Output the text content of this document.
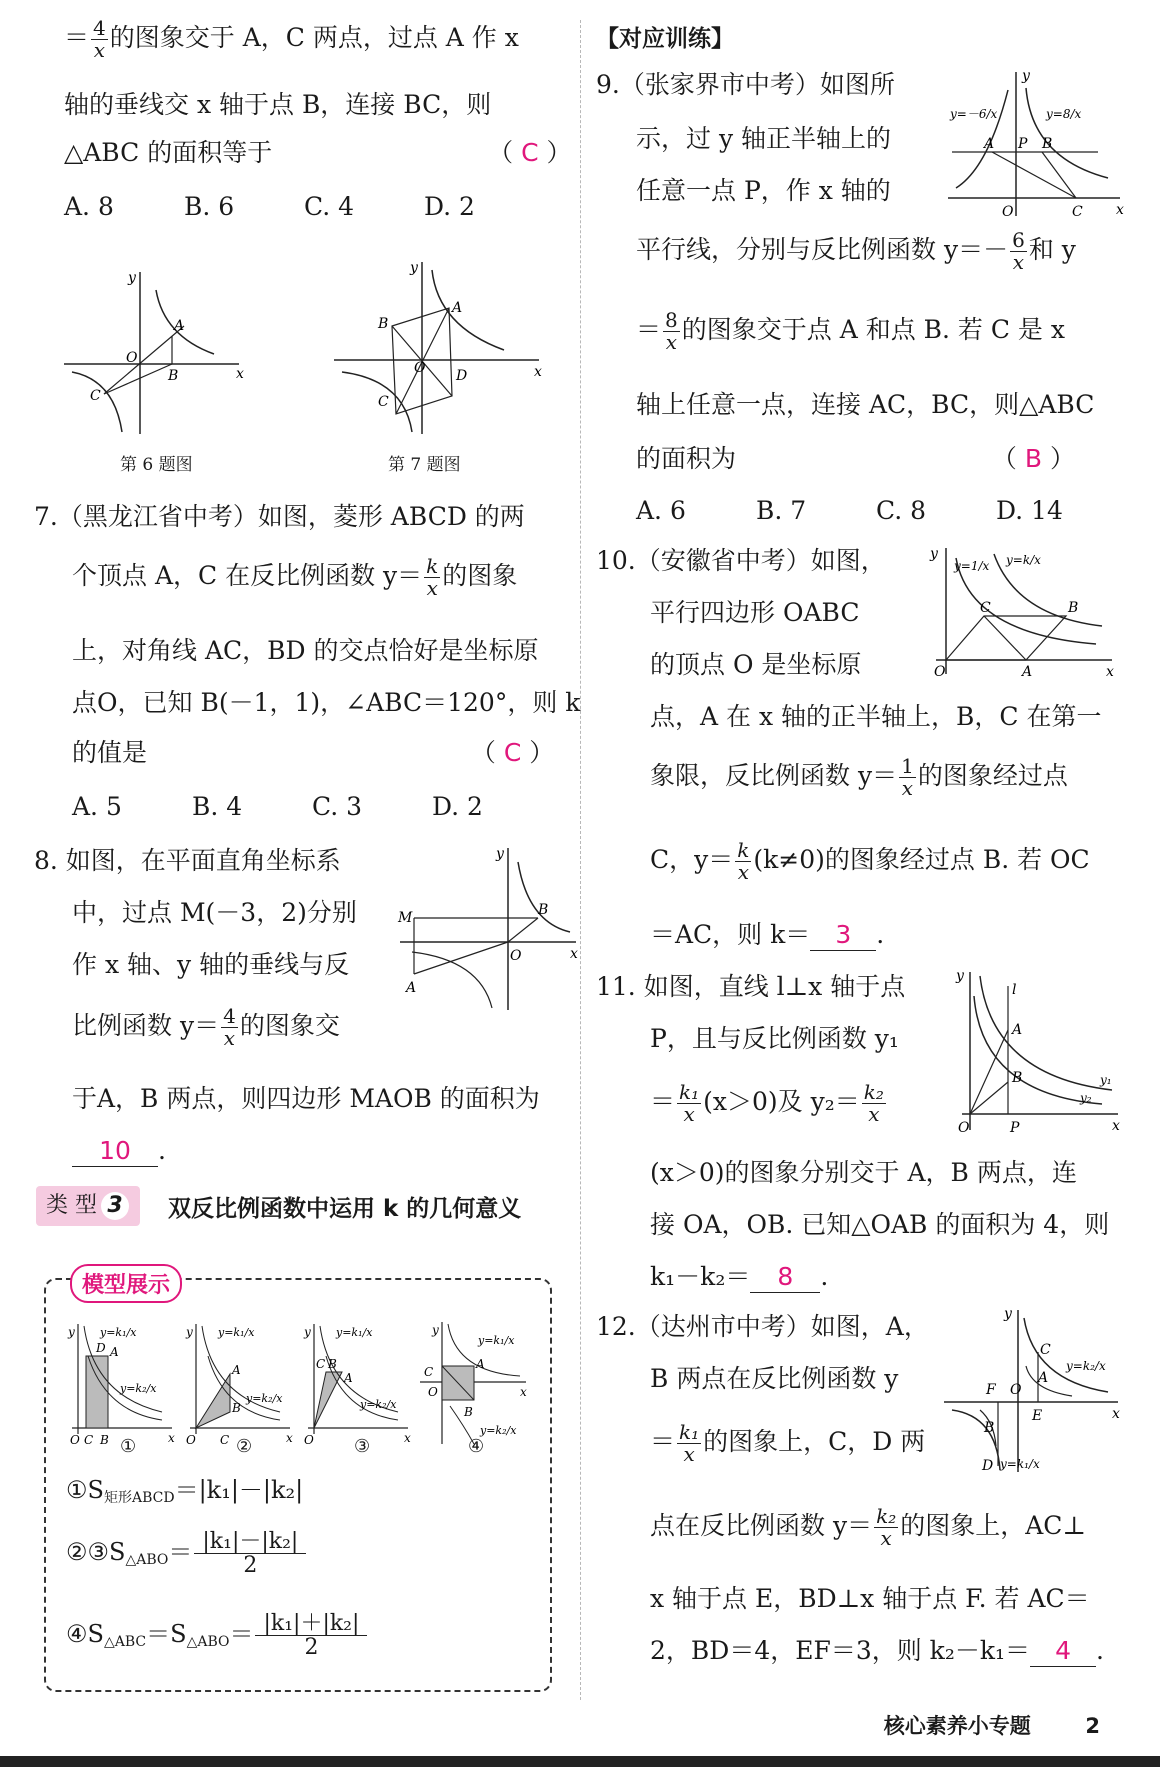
＝ $\frac{4}{x}$ 的图象交于 A，C 两点，过点 A 作 x
轴的垂线交 x 轴于点 B，连接 BC，则
△ABC 的面积等于	（ C ）
A. 8	B. 6	C. 4	D. 2
x
y
O
A
B
C
第 6 题图
x
y
O
A
B
C
D
第 7 题图
7.（黑龙江省中考）如图，菱形 ABCD 的两
个顶点 A，C 在反比例函数 $y= \frac{k}{x}$ 的图象
上，对角线 AC，BD 的交点恰好是坐标原
点O，已知 B(－1，1)，∠ABC＝120°，则 k
的值是	（ C ）
A. 5	B. 4	C. 3	D. 2
8. 如图，在平面直角坐标系
中，过点 M(－3，2)分别
作 x 轴、y 轴的垂线与反
比例函数 $y= \frac{4}{x}$ 的图象交
于A，B 两点，则四边形 MAOB 的面积为
10 .
x
y
O
M	B
A
类 型 3	双反比例函数中运用 k 的几何意义
模型展示
y y=k₁/x
y=k₂/x
O C B	x
A
D
y y=k₁/x
y=k₂/x
O C	x
A
B
y y=k₁/x
y=k₂/x
O	x
C B
A
y
y=k₁/x
y=k₂/x
C
O
A
B
x
①	②	③	④
$①S_{矩形ABCD}=|k_1|-|k_2|$
$②③S_{\triangle ABO}= \frac{\text{|k₁|－|k₂|}}{2}$
$④S_{\triangle ABC}=S_{\triangle ABO}= \frac{\text{|k₁|＋|k₂|}}{2}$
【对应训练】
9.（张家界市中考）如图所
示，过 y 轴正半轴上的
任意一点 P，作 x 轴的
平行线，分别与反比例函数 $y=- \frac{6}{x}$ 和 y
＝ $\frac{8}{x}$ 的图象交于点 A 和点 B. 若 C 是 x
轴上任意一点，连接 AC，BC，则△ABC
的面积为	（ B ）
A. 6	B. 7	C. 8	D. 14
x
y
O	C
A P B
y=－6/x	y=8/x
10.（安徽省中考）如图，
平行四边形 OABC
的顶点 O 是坐标原
点，A 在 x 轴的正半轴上，B，C 在第一
象限，反比例函数 $y= \frac{1}{x}$ 的图象经过点
C，$y= \frac{k}{x} (k\ne 0)$的图象经过点 B. 若 OC
＝AC，则 k＝ 3 .
x
y
O	A
C	B
y=1/x y=k/x
11. 如图，直线 l⊥x 轴于点
P，且与反比例函数 y₁
＝ $\frac{\text{k₁}}{x} (x>0)$及 $y_2= \frac{\text{k₂}}{x}$
(x＞0)的图象分别交于 A，B 两点，连
接 OA，OB. 已知△OAB 的面积为 4，则
k₁－k₂＝ 8 .
x
y
O	P
l
A
B	y₁
y₂
12.（达州市中考）如图，A，
B 两点在反比例函数 y
＝ $\frac{\text{k₁}}{x}$ 的图象上，C，D 两
点在反比例函数 $y= \frac{\text{k₂}}{x}$ 的图象上，AC⊥
x 轴于点 E，BD⊥x 轴于点 F. 若 AC＝
2，BD＝4，EF＝3，则 k₂－k₁＝ 4 .
x
y
O
F
E
C
A
B
D
y=k₂/x
y=k₁/x
核心素养小专题	2
